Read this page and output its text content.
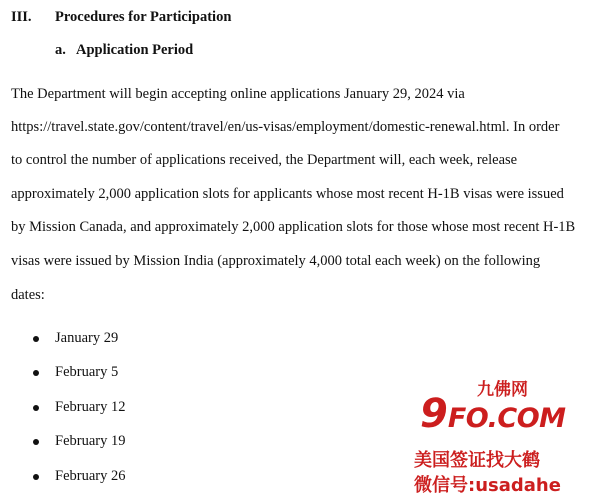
III. Procedures for Participation
a. Application Period
The Department will begin accepting online applications January 29, 2024 via
https://travel.state.gov/content/travel/en/us-visas/employment/domestic-renewal.html. In order
to control the number of applications received, the Department will, each week, release
approximately 2,000 application slots for applicants whose most recent H-1B visas were issued
by Mission Canada, and approximately 2,000 application slots for those whose most recent H-1B
visas were issued by Mission India (approximately 4,000 total each week) on the following
dates:
January 29
February 5
February 12
February 19
February 26
九佛网
9FO.COM
美国签证找大鹤
微信号:usadahe
